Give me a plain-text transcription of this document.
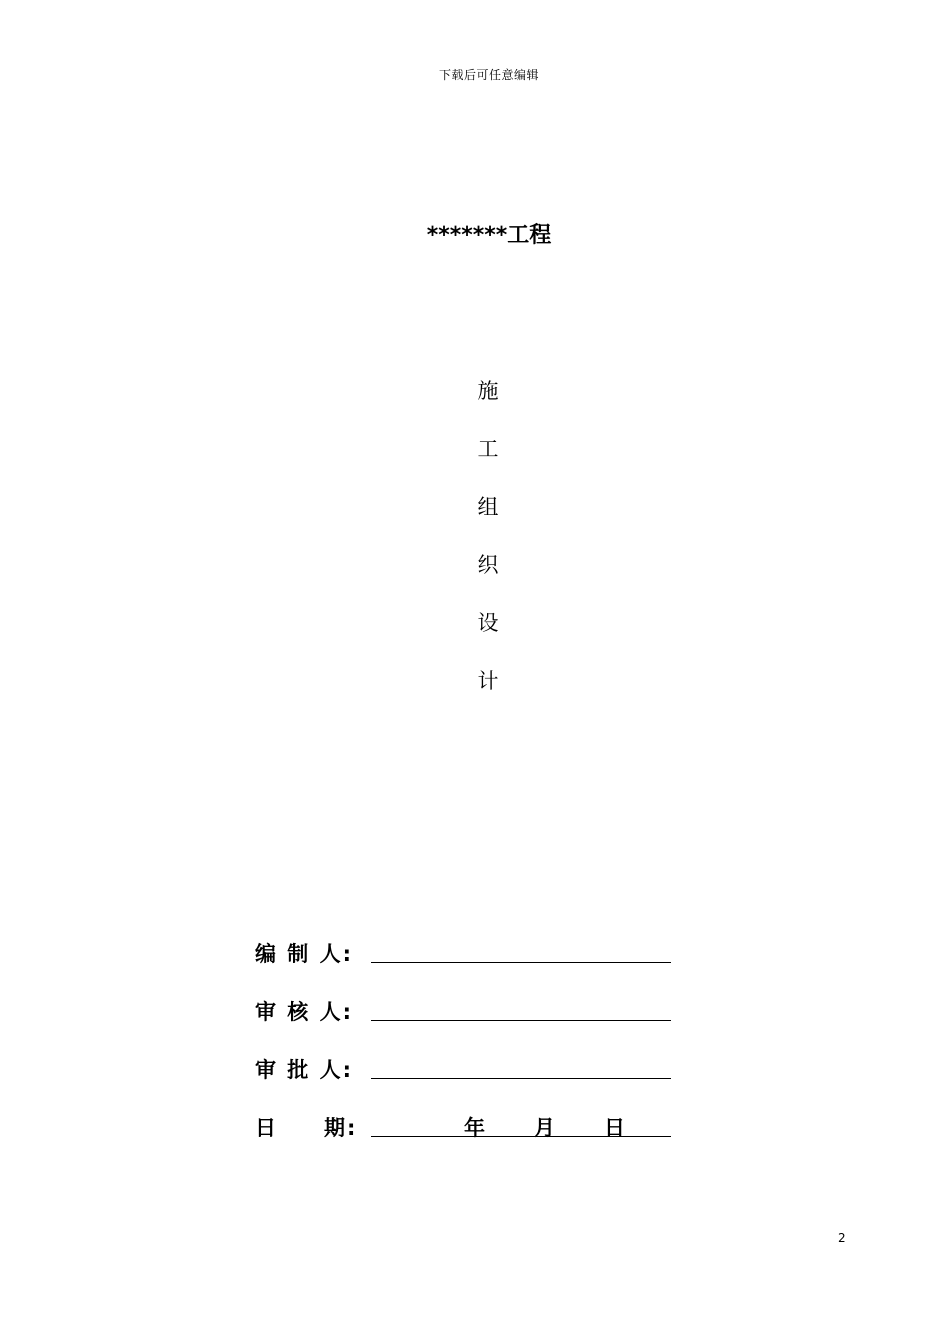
下载后可任意编辑
*******工程
施
工
组
织
设
计
编 制 人:
审 核 人:
审 批 人:
日　　期:	年 月 日
2
